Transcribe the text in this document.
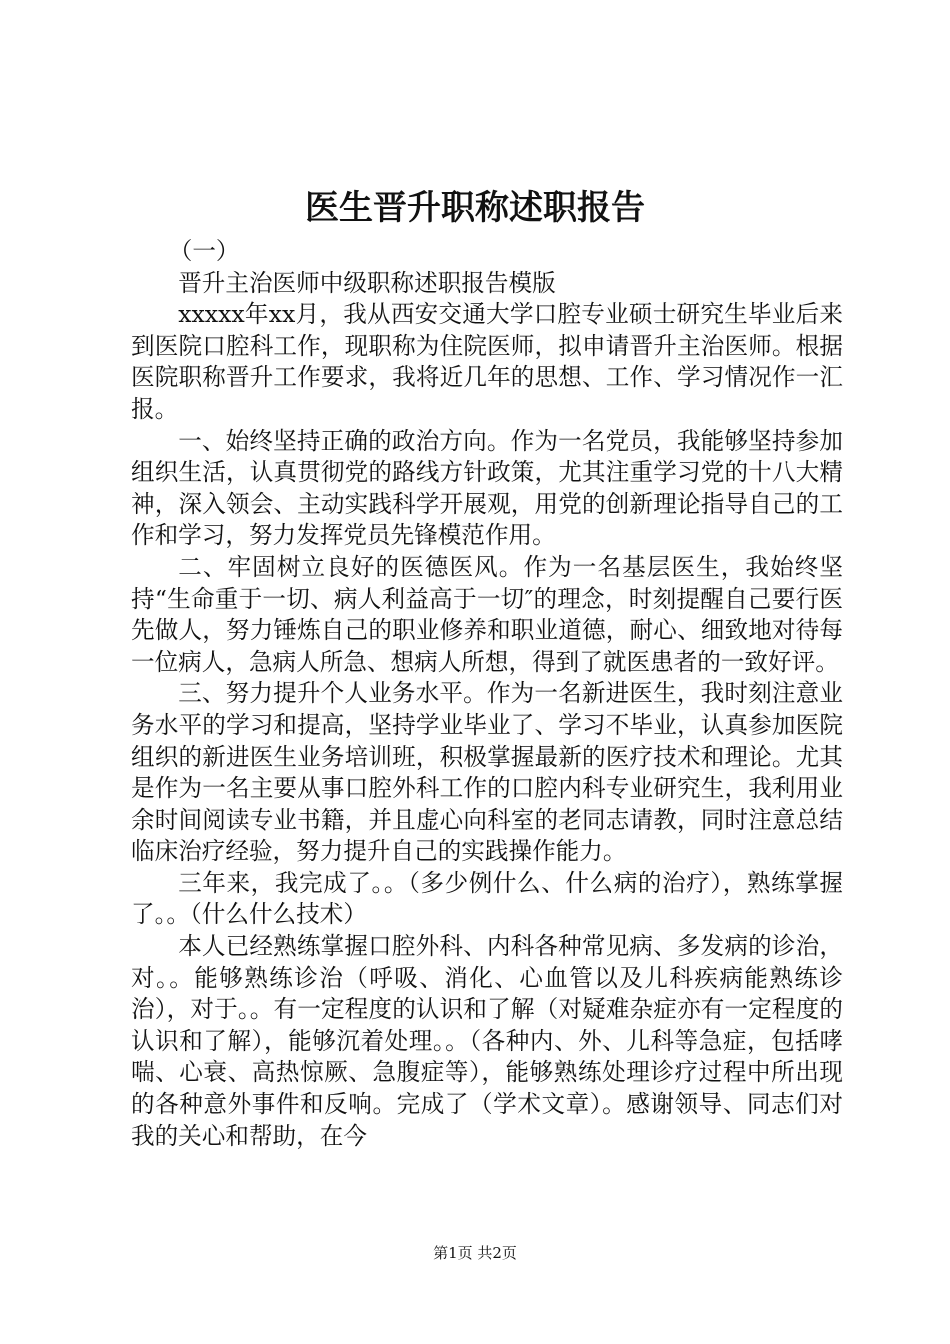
医生晋升职称述职报告

（一）

晋升主治医师中级职称述职报告模版

xxxxx年xx月，我从西安交通大学口腔专业硕士研究生毕业后来到医院口腔科工作，现职称为住院医师，拟申请晋升主治医师。根据医院职称晋升工作要求，我将近几年的思想、工作、学习情况作一汇报。

一、始终坚持正确的政治方向。作为一名党员，我能够坚持参加组织生活，认真贯彻党的路线方针政策，尤其注重学习党的十八大精神，深入领会、主动实践科学开展观，用党的创新理论指导自己的工作和学习，努力发挥党员先锋模范作用。

二、牢固树立良好的医德医风。作为一名基层医生，我始终坚持“生命重于一切、病人利益高于一切″的理念，时刻提醒自己要行医先做人，努力锤炼自己的职业修养和职业道德，耐心、细致地对待每一位病人，急病人所急、想病人所想，得到了就医患者的一致好评。

三、努力提升个人业务水平。作为一名新进医生，我时刻注意业务水平的学习和提高，坚持学业毕业了、学习不毕业，认真参加医院组织的新进医生业务培训班，积极掌握最新的医疗技术和理论。尤其是作为一名主要从事口腔外科工作的口腔内科专业研究生，我利用业余时间阅读专业书籍，并且虚心向科室的老同志请教，同时注意总结临床治疗经验，努力提升自己的实践操作能力。

三年来，我完成了。。（多少例什么、什么病的治疗），熟练掌握了。。（什么什么技术）

本人已经熟练掌握口腔外科、内科各种常见病、多发病的诊治，对。。能够熟练诊治（呼吸、消化、心血管以及儿科疾病能熟练诊治），对于。。有一定程度的认识和了解（对疑难杂症亦有一定程度的认识和了解），能够沉着处理。。（各种内、外、儿科等急症，包括哮喘、心衰、高热惊厥、急腹症等），能够熟练处理诊疗过程中所出现的各种意外事件和反响。完成了（学术文章）。感谢领导、同志们对我的关心和帮助，在今

第1页 共2页
